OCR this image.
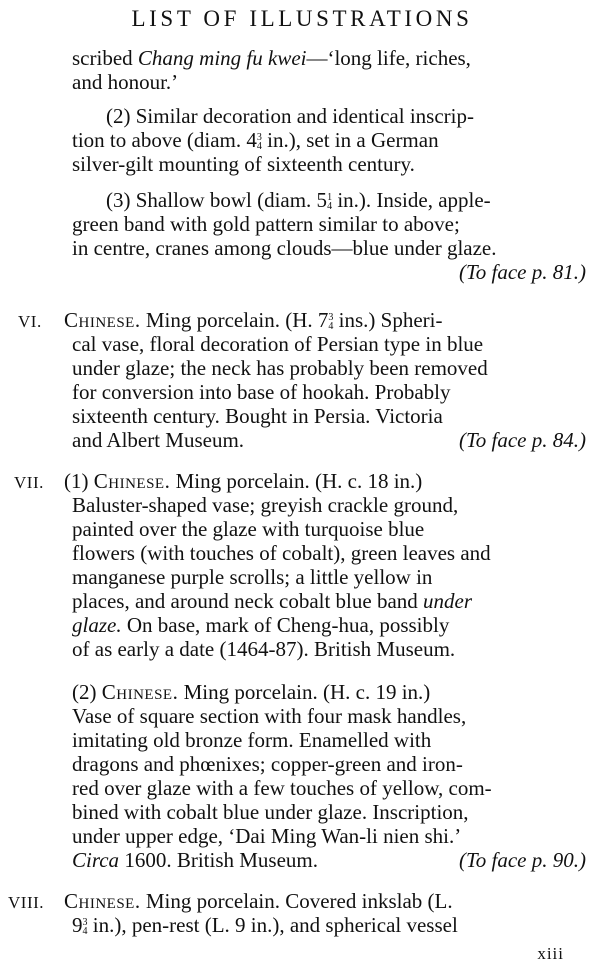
LIST OF ILLUSTRATIONS
scribed Chang ming fu kwei—‘long life, riches,
and honour.’
(2) Similar decoration and identical inscrip-
tion to above (diam. 4 3
4 in.), set in a German
silver-gilt mounting of sixteenth century.
(3) Shallow bowl (diam. 5 1
4 in.). Inside, apple-
green band with gold pattern similar to above;
in centre, cranes among clouds—blue under glaze.
(To face p. 81.)
VI. Chinese. Ming porcelain. (H. 7 3
4 ins.) Spheri-
cal vase, floral decoration of Persian type in blue
under glaze; the neck has probably been removed
for conversion into base of hookah. Probably
sixteenth century. Bought in Persia. Victoria
and Albert Museum.	(To face p. 84.)
VII. (1) Chinese. Ming porcelain. (H. c. 18 in.)
Baluster-shaped vase; greyish crackle ground,
painted over the glaze with turquoise blue
flowers (with touches of cobalt), green leaves and
manganese purple scrolls; a little yellow in
places, and around neck cobalt blue band under
glaze. On base, mark of Cheng-hua, possibly
of as early a date (1464-87). British Museum.
(2) Chinese. Ming porcelain. (H. c. 19 in.)
Vase of square section with four mask handles,
imitating old bronze form. Enamelled with
dragons and phœnixes; copper-green and iron-
red over glaze with a few touches of yellow, com-
bined with cobalt blue under glaze. Inscription,
under upper edge, ‘Dai Ming Wan-li nien shi.’
Circa 1600. British Museum.	(To face p. 90.)
VIII. Chinese. Ming porcelain. Covered inkslab (L.
9 3
4 in.), pen-rest (L. 9 in.), and spherical vessel
xiii
